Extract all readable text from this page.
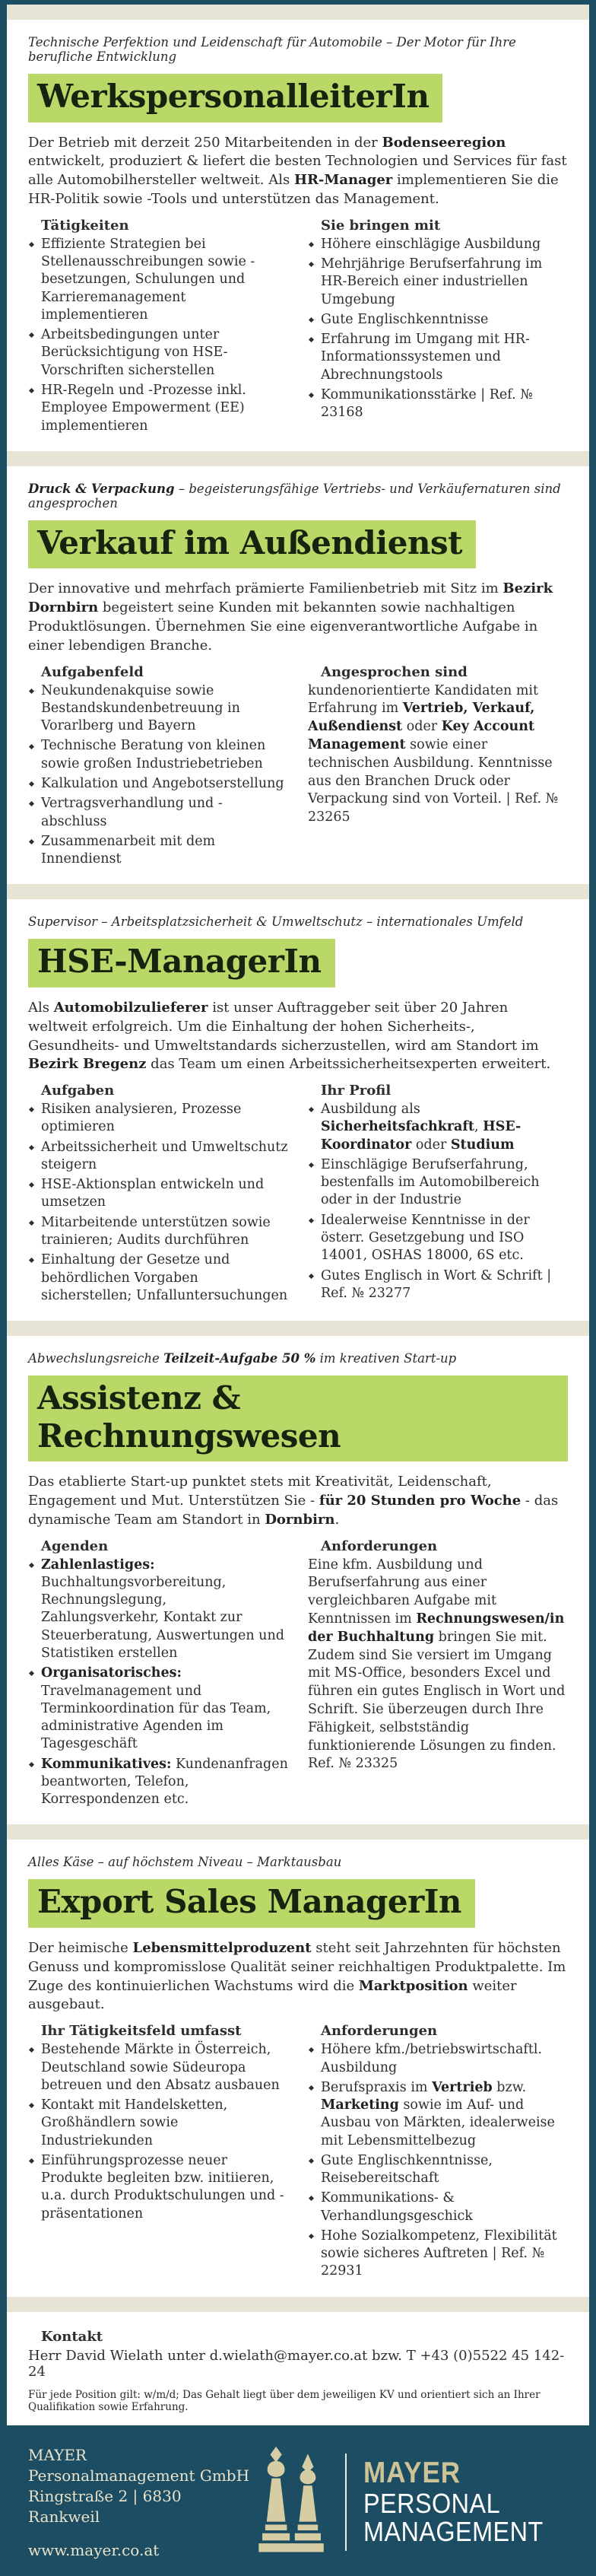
Technische Perfektion und Leidenschaft für Automobile – Der Motor für Ihre berufliche Entwicklung
WerkspersonalleiterIn

Der Betrieb mit derzeit 250 Mitarbeitenden in der Bodenseeregion entwickelt, produziert & liefert die besten Technologien und Services für fast alle Automobilhersteller weltweit. Als HR-Manager implementieren Sie die HR-Politik sowie -Tools und unterstützen das Management.

Tätigkeiten
Effiziente Strategien bei Stellenausschreibungen sowie -besetzungen, Schulungen und Karrieremanagement implementieren
Arbeitsbedingungen unter Berücksichtigung von HSE-Vorschriften sicherstellen
HR-Regeln und -Prozesse inkl. Employee Empowerment (EE) implementieren
Sie bringen mit
Höhere einschlägige Ausbildung
Mehrjährige Berufserfahrung im HR-Bereich einer industriellen Umgebung
Gute Englischkenntnisse
Erfahrung im Umgang mit HR-Informationssystemen und Abrechnungstools
Kommunikationsstärke | Ref. № 23168
Druck & Verpackung – begeisterungsfähige Vertriebs- und Verkäufernaturen sind angesprochen
Verkauf im Außendienst

Der innovative und mehrfach prämierte Familienbetrieb mit Sitz im Bezirk Dornbirn begeistert seine Kunden mit bekannten sowie nachhaltigen Produktlösungen. Übernehmen Sie eine eigenverantwortliche Aufgabe in einer lebendigen Branche.

Aufgabenfeld
Neukundenakquise sowie Bestandskundenbetreuung in Vorarlberg und Bayern
Technische Beratung von kleinen sowie großen Industriebetrieben
Kalkulation und Angebotserstellung
Vertragsverhandlung und -abschluss
Zusammenarbeit mit dem Innendienst
Angesprochen sind
kundenorientierte Kandidaten mit Erfahrung im Vertrieb, Verkauf, Außendienst oder Key Account Management sowie einer technischen Ausbildung. Kenntnisse aus den Branchen Druck oder Verpackung sind von Vorteil. | Ref. № 23265
Supervisor – Arbeitsplatzsicherheit & Umweltschutz – internationales Umfeld
HSE-ManagerIn

Als Automobilzulieferer ist unser Auftraggeber seit über 20 Jahren weltweit erfolgreich. Um die Einhaltung der hohen Sicherheits-, Gesundheits- und Umweltstandards sicherzustellen, wird am Standort im Bezirk Bregenz das Team um einen Arbeitssicherheitsexperten erweitert.

Aufgaben
Risiken analysieren, Prozesse optimieren
Arbeitssicherheit und Umweltschutz steigern
HSE-Aktionsplan entwickeln und umsetzen
Mitarbeitende unterstützen sowie trainieren; Audits durchführen
Einhaltung der Gesetze und behördlichen Vorgaben sicherstellen; Unfalluntersuchungen
Ihr Profil
Ausbildung als Sicherheitsfachkraft, HSE-Koordinator oder Studium
Einschlägige Berufserfahrung, bestenfalls im Automobilbereich oder in der Industrie
Idealerweise Kenntnisse in der österr. Gesetzgebung und ISO 14001, OSHAS 18000, 6S etc.
Gutes Englisch in Wort & Schrift | Ref. № 23277
Abwechslungsreiche Teilzeit-Aufgabe 50 % im kreativen Start-up
Assistenz & Rechnungswesen

Das etablierte Start-up punktet stets mit Kreativität, Leidenschaft, Engagement und Mut. Unterstützen Sie - für 20 Stunden pro Woche - das dynamische Team am Standort in Dornbirn.

Agenden
Zahlenlastiges: Buchhaltungsvorbereitung, Rechnungslegung, Zahlungsverkehr, Kontakt zur Steuerberatung, Auswertungen und Statistiken erstellen
Organisatorisches: Travelmanagement und Terminkoordination für das Team, administrative Agenden im Tagesgeschäft
Kommunikatives: Kundenanfragen beantworten, Telefon, Korrespondenzen etc.
Anforderungen
Eine kfm. Ausbildung und Berufserfahrung aus einer vergleichbaren Aufgabe mit Kenntnissen im Rechnungswesen/in der Buchhaltung bringen Sie mit. Zudem sind Sie versiert im Umgang mit MS-Office, besonders Excel und führen ein gutes Englisch in Wort und Schrift. Sie überzeugen durch Ihre Fähigkeit, selbstständig funktionierende Lösungen zu finden. Ref. № 23325
Alles Käse – auf höchstem Niveau – Marktausbau
Export Sales ManagerIn

Der heimische Lebensmittelproduzent steht seit Jahrzehnten für höchsten Genuss und kompromisslose Qualität seiner reichhaltigen Produktpalette. Im Zuge des kontinuierlichen Wachstums wird die Marktposition weiter ausgebaut.

Ihr Tätigkeitsfeld umfasst
Bestehende Märkte in Österreich, Deutschland sowie Südeuropa betreuen und den Absatz ausbauen
Kontakt mit Handelsketten, Großhändlern sowie Industriekunden
Einführungsprozesse neuer Produkte begleiten bzw. initiieren, u.a. durch Produktschulungen und -präsentationen
Anforderungen
Höhere kfm./betriebswirtschaftl. Ausbildung
Berufspraxis im Vertrieb bzw. Marketing sowie im Auf- und Ausbau von Märkten, idealerweise mit Lebensmittelbezug
Gute Englischkenntnisse, Reisebereitschaft
Kommunikations- & Verhandlungsgeschick
Hohe Sozialkompetenz, Flexibilität sowie sicheres Auftreten | Ref. № 22931
Kontakt
Herr David Wielath unter d.wielath@mayer.co.at bzw. T +43 (0)5522 45 142-24
Für jede Position gilt: w/m/d; Das Gehalt liegt über dem jeweiligen KV und orientiert sich an Ihrer Qualifikation sowie Erfahrung.
MAYER Personalmanagement GmbH
Ringstraße 2 | 6830 Rankweil
www.mayer.co.at
MAYER
PERSONAL
MANAGEMENT
